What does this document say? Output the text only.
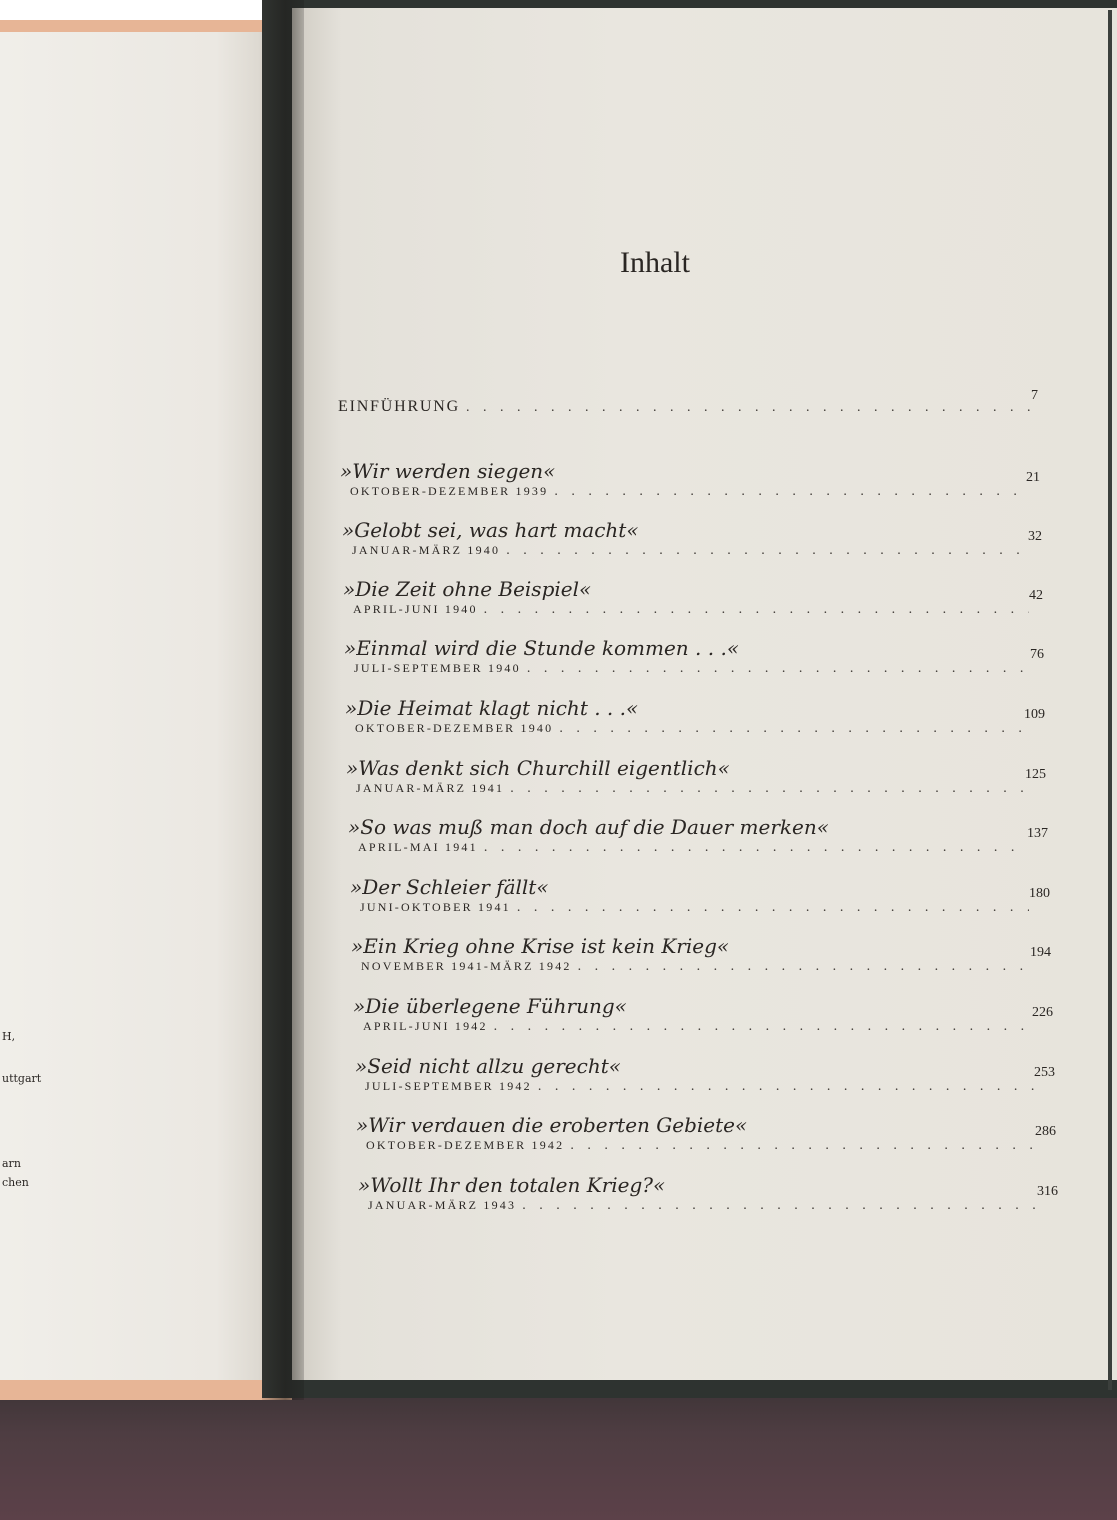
H,

uttgart

arn

chen

Inhalt
EINFÜHRUNG
. . .
7

»Wir werden siegen«

OKTOBER-DEZEMBER 1939
. . .
21

»Gelobt sei, was hart macht«

JANUAR-MÄRZ 1940
. . .
32

»Die Zeit ohne Beispiel«

APRIL-JUNI 1940
. . .
42

»Einmal wird die Stunde kommen . . .«

JULI-SEPTEMBER 1940
. . .
76

»Die Heimat klagt nicht . . .«

OKTOBER-DEZEMBER 1940
. . .
109

»Was denkt sich Churchill eigentlich«

JANUAR-MÄRZ 1941
. . .
125

»So was muß man doch auf die Dauer merken«

APRIL-MAI 1941
. . .
137

»Der Schleier fällt«

JUNI-OKTOBER 1941
. . .
180

»Ein Krieg ohne Krise ist kein Krieg«

NOVEMBER 1941-MÄRZ 1942
. . .
194

»Die überlegene Führung«

APRIL-JUNI 1942
. . .
226

»Seid nicht allzu gerecht«

JULI-SEPTEMBER 1942
. . .
253

»Wir verdauen die eroberten Gebiete«

OKTOBER-DEZEMBER 1942
. . .
286

»Wollt Ihr den totalen Krieg?«

JANUAR-MÄRZ 1943
. . .
316
